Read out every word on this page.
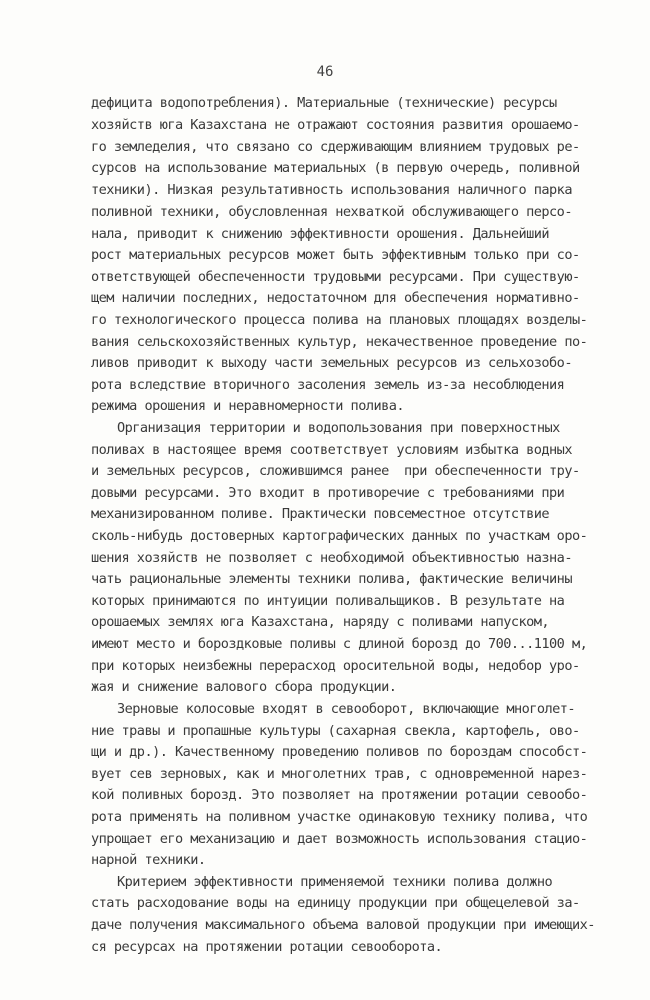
46
дефицита водопотребления). Материальные (технические) ресурсы
хозяйств юга Казахстана не отражают состояния развития орошаемо-
го земледелия, что связано со сдерживающим влиянием трудовых ре-
сурсов на использование материальных (в первую очередь, поливной
техники). Низкая результативность использования наличного парка
поливной техники, обусловленная нехваткой обслуживающего персо-
нала, приводит к снижению эффективности орошения. Дальнейший
рост материальных ресурсов может быть эффективным только при со-
ответствующей обеспеченности трудовыми ресурсами. При существую-
щем наличии последних, недостаточном для обеспечения нормативно-
го технологического процесса полива на плановых площадях возделы-
вания сельскохозяйственных культур, некачественное проведение по-
ливов приводит к выходу части земельных ресурсов из сельхозобо-
рота вследствие вторичного засоления земель из-за несоблюдения
режима орошения и неравномерности полива.
Организация территории и водопользования при поверхностных
поливах в настоящее время соответствует условиям избытка водных
и земельных ресурсов, сложившимся ранее  при обеспеченности тру-
довыми ресурсами. Это входит в противоречие с требованиями при
механизированном поливе. Практически повсеместное отсутствие
сколь-нибудь достоверных картографических данных по участкам оро-
шения хозяйств не позволяет с необходимой объективностью назна-
чать рациональные элементы техники полива, фактические величины
которых принимаются по интуиции поливальщиков. В результате на
орошаемых землях юга Казахстана, наряду с поливами напуском,
имеют место и бороздковые поливы с длиной борозд до 700...1100 м,
при которых неизбежны перерасход оросительной воды, недобор уро-
жая и снижение валового сбора продукции.
Зерновые колосовые входят в севооборот, включающие многолет-
ние травы и пропашные культуры (сахарная свекла, картофель, ово-
щи и др.). Качественному проведению поливов по бороздам способст-
вует сев зерновых, как и многолетних трав, с одновременной нарез-
кой поливных борозд. Это позволяет на протяжении ротации севообо-
рота применять на поливном участке одинаковую технику полива, что
упрощает его механизацию и дает возможность использования стацио-
нарной техники.
Критерием эффективности применяемой техники полива должно
стать расходование воды на единицу продукции при общецелевой за-
даче получения максимального объема валовой продукции при имеющих-
ся ресурсах на протяжении ротации севооборота.
